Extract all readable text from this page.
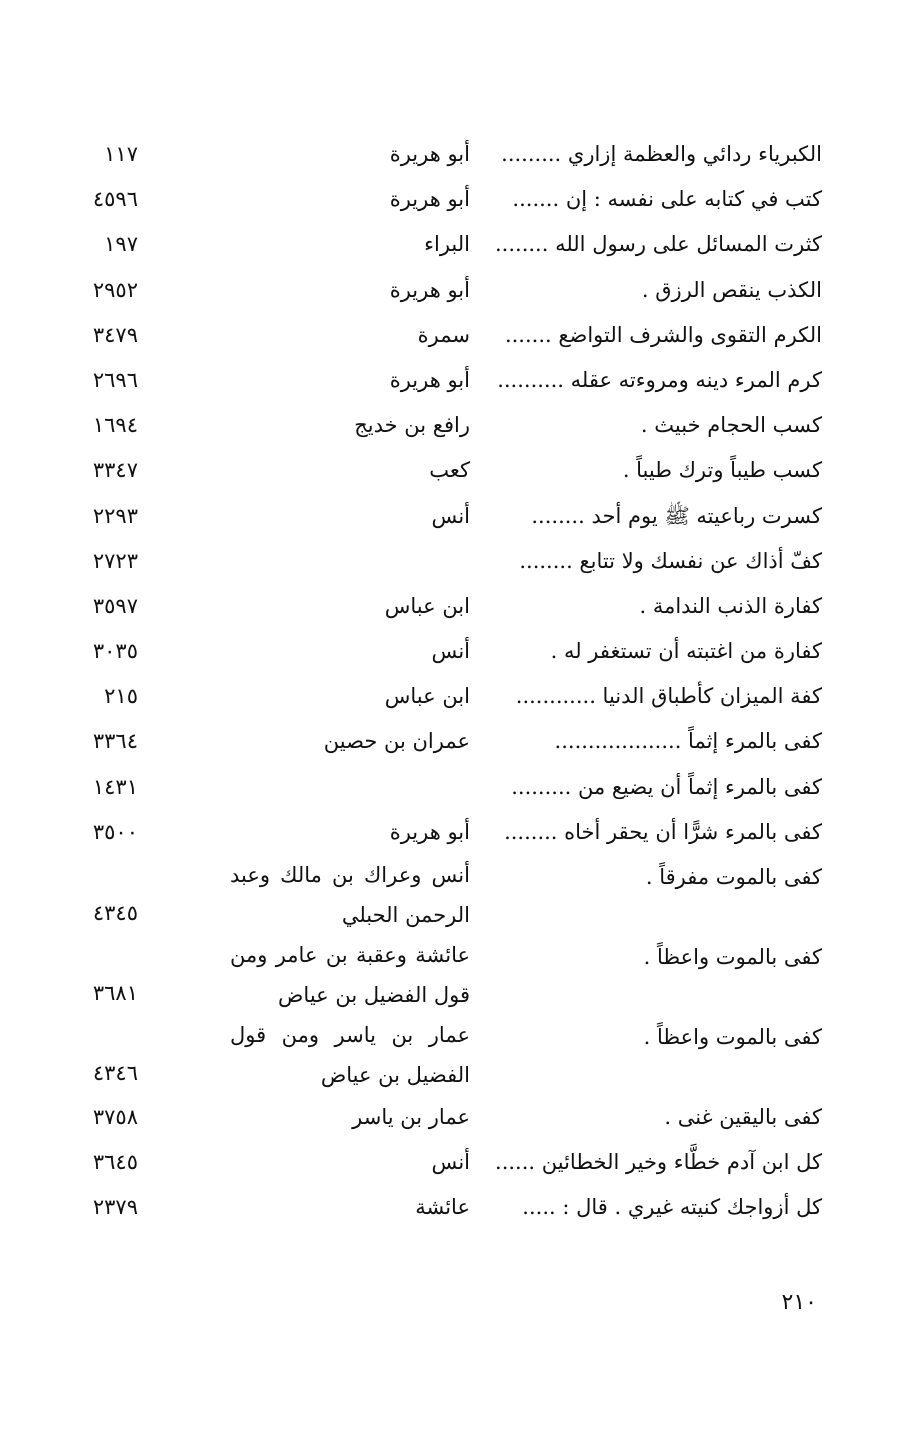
الكبرياء ردائي والعظمة إزاري .........
أبو هريرة
١١٧
كتب في كتابه على نفسه : إن .......
أبو هريرة
٤٥٩٦
كثرت المسائل على رسول الله ........
البراء
١٩٧
الكذب ينقص الرزق .
أبو هريرة
٢٩٥٢
الكرم التقوى والشرف التواضع .......
سمرة
٣٤٧٩
كرم المرء دينه ومروءته عقله ..........
أبو هريرة
٢٦٩٦
كسب الحجام خبيث .
رافع بن خديج
١٦٩٤
كسب طيباً وترك طيباً .
كعب
٣٣٤٧
كسرت رباعيته ﷺ يوم أحد ........
أنس
٢٢٩٣
كفّ أذاك عن نفسك ولا تتابع ........
٢٧٢٣
كفارة الذنب الندامة .
ابن عباس
٣٥٩٧
كفارة من اغتبته أن تستغفر له .
أنس
٣٠٣٥
كفة الميزان كأطباق الدنيا ............
ابن عباس
٢١٥
كفى بالمرء إثماً ...................
عمران بن حصين
٣٣٦٤
كفى بالمرء إثماً أن يضيع من .........
١٤٣١
كفى بالمرء شرًّا أن يحقر أخاه ........
أبو هريرة
٣٥٠٠
كفى بالموت مفرقاً .
أنس وعراك بن مالك وعبد الرحمن الحبلي
٤٣٤٥
كفى بالموت واعظاً .
عائشة وعقبة بن عامر ومن قول الفضيل بن عياض
٣٦٨١
كفى بالموت واعظاً .
عمار بن ياسر ومن قول الفضيل بن عياض
٤٣٤٦
كفى باليقين غنى .
عمار بن ياسر
٣٧٥٨
كل ابن آدم خطَّاء وخير الخطائين ......
أنس
٣٦٤٥
كل أزواجك كنيته غيري . قال : .....
عائشة
٢٣٧٩
٢١٠
